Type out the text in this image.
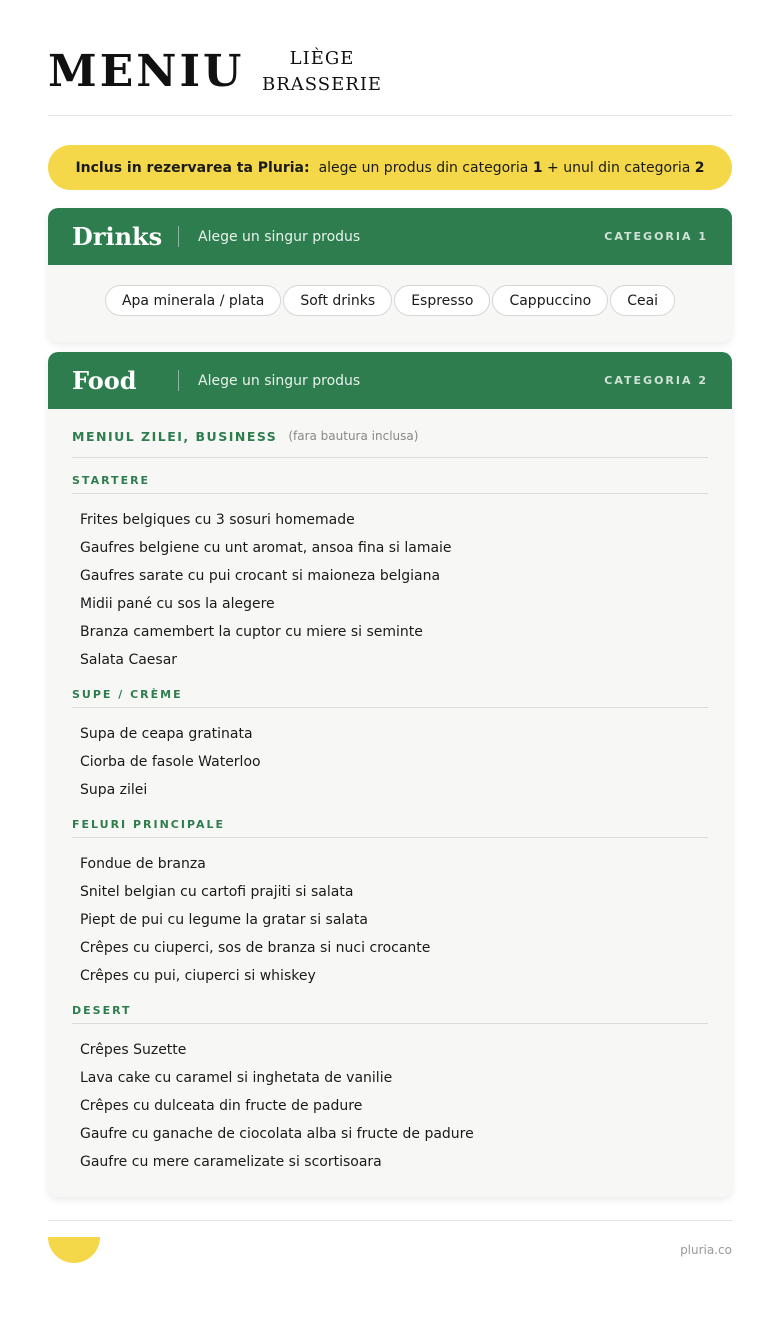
MENIU	LIÈGE
BRASSERIE
Inclus in rezervarea ta Pluria: alege un produs din categoria
1
+ unul din categoria
2
Drinks	Alege un singur produs	CATEGORIA 1
Apa minerala / plata	Soft drinks	Espresso	Cappuccino	Ceai
Food	Alege un singur produs	CATEGORIA 2
MENIUL ZILEI, BUSINESS (fara bautura inclusa)
STARTERE
Frites belgiques cu 3 sosuri homemade
Gaufres belgiene cu unt aromat, ansoa fina si lamaie
Gaufres sarate cu pui crocant si maioneza belgiana
Midii pané cu sos la alegere
Branza camembert la cuptor cu miere si seminte
Salata Caesar
SUPE / CRÈME
Supa de ceapa gratinata
Ciorba de fasole Waterloo
Supa zilei
FELURI PRINCIPALE
Fondue de branza
Snitel belgian cu cartofi prajiti si salata
Piept de pui cu legume la gratar si salata
Crêpes cu ciuperci, sos de branza si nuci crocante
Crêpes cu pui, ciuperci si whiskey
DESERT
Crêpes Suzette
Lava cake cu caramel si inghetata de vanilie
Crêpes cu dulceata din fructe de padure
Gaufre cu ganache de ciocolata alba si fructe de padure
Gaufre cu mere caramelizate si scortisoara
pluria.co
